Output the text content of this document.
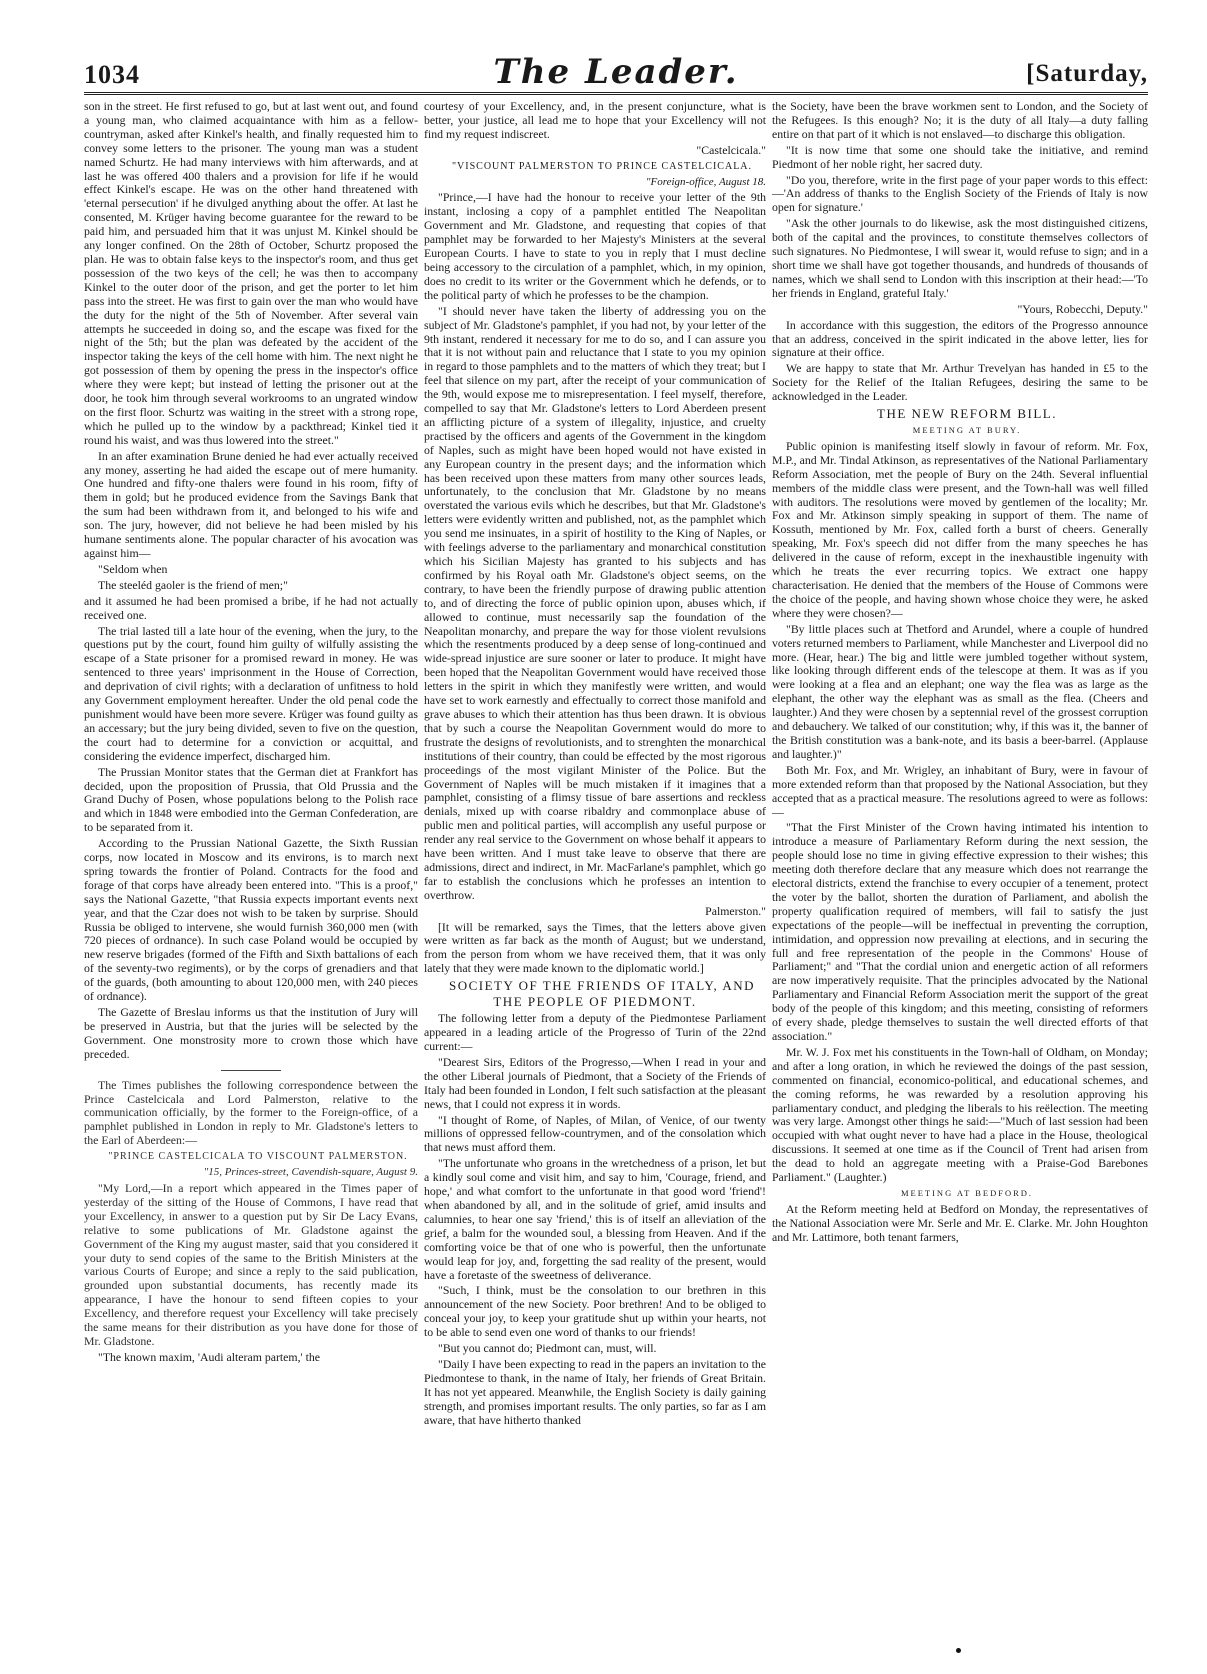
1034	The Leader.	[Saturday,

son in the street. He first refused to go, but at last went out, and found a young man, who claimed acquaintance with him as a fellow-countryman, asked after Kinkel's health, and finally requested him to convey some letters to the prisoner. The young man was a student named Schurtz. He had many interviews with him afterwards, and at last he was offered 400 thalers and a provision for life if he would effect Kinkel's escape. He was on the other hand threatened with 'eternal persecution' if he divulged anything about the offer. At last he consented, M. Krüger having become guarantee for the reward to be paid him, and persuaded him that it was unjust M. Kinkel should be any longer confined. On the 28th of October, Schurtz proposed the plan. He was to obtain false keys to the inspector's room, and thus get possession of the two keys of the cell; he was then to accompany Kinkel to the outer door of the prison, and get the porter to let him pass into the street. He was first to gain over the man who would have the duty for the night of the 5th of November. After several vain attempts he succeeded in doing so, and the escape was fixed for the night of the 5th; but the plan was defeated by the accident of the inspector taking the keys of the cell home with him. The next night he got possession of them by opening the press in the inspector's office where they were kept; but instead of letting the prisoner out at the door, he took him through several workrooms to an ungrated window on the first floor. Schurtz was waiting in the street with a strong rope, which he pulled up to the window by a packthread; Kinkel tied it round his waist, and was thus lowered into the street."

In an after examination Brune denied he had ever actually received any money, asserting he had aided the escape out of mere humanity. One hundred and fifty-one thalers were found in his room, fifty of them in gold; but he produced evidence from the Savings Bank that the sum had been withdrawn from it, and belonged to his wife and son. The jury, however, did not believe he had been misled by his humane sentiments alone. The popular character of his avocation was against him—

"Seldom when

The steeléd gaoler is the friend of men;"

and it assumed he had been promised a bribe, if he had not actually received one.

The trial lasted till a late hour of the evening, when the jury, to the questions put by the court, found him guilty of wilfully assisting the escape of a State prisoner for a promised reward in money. He was sentenced to three years' imprisonment in the House of Correction, and deprivation of civil rights; with a declaration of unfitness to hold any Government employment hereafter. Under the old penal code the punishment would have been more severe. Krüger was found guilty as an accessary; but the jury being divided, seven to five on the question, the court had to determine for a conviction or acquittal, and considering the evidence imperfect, discharged him.

The Prussian Monitor states that the German diet at Frankfort has decided, upon the proposition of Prussia, that Old Prussia and the Grand Duchy of Posen, whose populations belong to the Polish race and which in 1848 were embodied into the German Confederation, are to be separated from it.

According to the Prussian National Gazette, the Sixth Russian corps, now located in Moscow and its environs, is to march next spring towards the frontier of Poland. Contracts for the food and forage of that corps have already been entered into. "This is a proof," says the National Gazette, "that Russia expects important events next year, and that the Czar does not wish to be taken by surprise. Should Russia be obliged to intervene, she would furnish 360,000 men (with 720 pieces of ordnance). In such case Poland would be occupied by new reserve brigades (formed of the Fifth and Sixth battalions of each of the seventy-two regiments), or by the corps of grenadiers and that of the guards, (both amounting to about 120,000 men, with 240 pieces of ordnance).

The Gazette of Breslau informs us that the institution of Jury will be preserved in Austria, but that the juries will be selected by the Government. One monstrosity more to crown those which have preceded.

The Times publishes the following correspondence between the Prince Castelcicala and Lord Palmerston, relative to the communication officially, by the former to the Foreign-office, of a pamphlet published in London in reply to Mr. Gladstone's letters to the Earl of Aberdeen:—

"PRINCE CASTELCICALA TO VISCOUNT PALMERSTON.

"15, Princes-street, Cavendish-square, August 9.

"My Lord,—In a report which appeared in the Times paper of yesterday of the sitting of the House of Commons, I have read that your Excellency, in answer to a question put by Sir De Lacy Evans, relative to some publications of Mr. Gladstone against the Government of the King my august master, said that you considered it your duty to send copies of the same to the British Ministers at the various Courts of Europe; and since a reply to the said publication, grounded upon substantial documents, has recently made its appearance, I have the honour to send fifteen copies to your Excellency, and therefore request your Excellency will take precisely the same means for their distribution as you have done for those of Mr. Gladstone.

"The known maxim, 'Audi alteram partem,' the

courtesy of your Excellency, and, in the present conjuncture, what is better, your justice, all lead me to hope that your Excellency will not find my request indiscreet.

"Castelcicala."

"VISCOUNT PALMERSTON TO PRINCE CASTELCICALA.

"Foreign-office, August 18.

"Prince,—I have had the honour to receive your letter of the 9th instant, inclosing a copy of a pamphlet entitled The Neapolitan Government and Mr. Gladstone, and requesting that copies of that pamphlet may be forwarded to her Majesty's Ministers at the several European Courts. I have to state to you in reply that I must decline being accessory to the circulation of a pamphlet, which, in my opinion, does no credit to its writer or the Government which he defends, or to the political party of which he professes to be the champion.

"I should never have taken the liberty of addressing you on the subject of Mr. Gladstone's pamphlet, if you had not, by your letter of the 9th instant, rendered it necessary for me to do so, and I can assure you that it is not without pain and reluctance that I state to you my opinion in regard to those pamphlets and to the matters of which they treat; but I feel that silence on my part, after the receipt of your communication of the 9th, would expose me to misrepresentation. I feel myself, therefore, compelled to say that Mr. Gladstone's letters to Lord Aberdeen present an afflicting picture of a system of illegality, injustice, and cruelty practised by the officers and agents of the Government in the kingdom of Naples, such as might have been hoped would not have existed in any European country in the present days; and the information which has been received upon these matters from many other sources leads, unfortunately, to the conclusion that Mr. Gladstone by no means overstated the various evils which he describes, but that Mr. Gladstone's letters were evidently written and published, not, as the pamphlet which you send me insinuates, in a spirit of hostility to the King of Naples, or with feelings adverse to the parliamentary and monarchical constitution which his Sicilian Majesty has granted to his subjects and has confirmed by his Royal oath Mr. Gladstone's object seems, on the contrary, to have been the friendly purpose of drawing public attention to, and of directing the force of public opinion upon, abuses which, if allowed to continue, must necessarily sap the foundation of the Neapolitan monarchy, and prepare the way for those violent revulsions which the resentments produced by a deep sense of long-continued and wide-spread injustice are sure sooner or later to produce. It might have been hoped that the Neapolitan Government would have received those letters in the spirit in which they manifestly were written, and would have set to work earnestly and effectually to correct those manifold and grave abuses to which their attention has thus been drawn. It is obvious that by such a course the Neapolitan Government would do more to frustrate the designs of revolutionists, and to strenghten the monarchical institutions of their country, than could be effected by the most rigorous proceedings of the most vigilant Minister of the Police. But the Government of Naples will be much mistaken if it imagines that a pamphlet, consisting of a flimsy tissue of bare assertions and reckless denials, mixed up with coarse ribaldry and commonplace abuse of public men and political parties, will accomplish any useful purpose or render any real service to the Government on whose behalf it appears to have been written. And I must take leave to observe that there are admissions, direct and indirect, in Mr. MacFarlane's pamphlet, which go far to establish the conclusions which he professes an intention to overthrow.

Palmerston."

[It will be remarked, says the Times, that the letters above given were written as far back as the month of August; but we understand, from the person from whom we have received them, that it was only lately that they were made known to the diplomatic world.]

SOCIETY OF THE FRIENDS OF ITALY, AND THE PEOPLE OF PIEDMONT.

The following letter from a deputy of the Piedmontese Parliament appeared in a leading article of the Progresso of Turin of the 22nd current:—

"Dearest Sirs, Editors of the Progresso,—When I read in your and the other Liberal journals of Piedmont, that a Society of the Friends of Italy had been founded in London, I felt such satisfaction at the pleasant news, that I could not express it in words.

"I thought of Rome, of Naples, of Milan, of Venice, of our twenty millions of oppressed fellow-countrymen, and of the consolation which that news must afford them.

"The unfortunate who groans in the wretchedness of a prison, let but a kindly soul come and visit him, and say to him, 'Courage, friend, and hope,' and what comfort to the unfortunate in that good word 'friend'! when abandoned by all, and in the solitude of grief, amid insults and calumnies, to hear one say 'friend,' this is of itself an alleviation of the grief, a balm for the wounded soul, a blessing from Heaven. And if the comforting voice be that of one who is powerful, then the unfortunate would leap for joy, and, forgetting the sad reality of the present, would have a foretaste of the sweetness of deliverance.

"Such, I think, must be the consolation to our brethren in this announcement of the new Society. Poor brethren! And to be obliged to conceal your joy, to keep your gratitude shut up within your hearts, not to be able to send even one word of thanks to our friends!

"But you cannot do; Piedmont can, must, will.

"Daily I have been expecting to read in the papers an invitation to the Piedmontese to thank, in the name of Italy, her friends of Great Britain. It has not yet appeared. Meanwhile, the English Society is daily gaining strength, and promises important results. The only parties, so far as I am aware, that have hitherto thanked

the Society, have been the brave workmen sent to London, and the Society of the Refugees. Is this enough? No; it is the duty of all Italy—a duty falling entire on that part of it which is not enslaved—to discharge this obligation.

"It is now time that some one should take the initiative, and remind Piedmont of her noble right, her sacred duty.

"Do you, therefore, write in the first page of your paper words to this effect:—'An address of thanks to the English Society of the Friends of Italy is now open for signature.'

"Ask the other journals to do likewise, ask the most distinguished citizens, both of the capital and the provinces, to constitute themselves collectors of such signatures. No Piedmontese, I will swear it, would refuse to sign; and in a short time we shall have got together thousands, and hundreds of thousands of names, which we shall send to London with this inscription at their head:—'To her friends in England, grateful Italy.'

"Yours, Robecchi, Deputy."

In accordance with this suggestion, the editors of the Progresso announce that an address, conceived in the spirit indicated in the above letter, lies for signature at their office.

We are happy to state that Mr. Arthur Trevelyan has handed in £5 to the Society for the Relief of the Italian Refugees, desiring the same to be acknowledged in the Leader.

THE NEW REFORM BILL.

MEETING AT BURY.

Public opinion is manifesting itself slowly in favour of reform. Mr. Fox, M.P., and Mr. Tindal Atkinson, as representatives of the National Parliamentary Reform Association, met the people of Bury on the 24th. Several influential members of the middle class were present, and the Town-hall was well filled with auditors. The resolutions were moved by gentlemen of the locality; Mr. Fox and Mr. Atkinson simply speaking in support of them. The name of Kossuth, mentioned by Mr. Fox, called forth a burst of cheers. Generally speaking, Mr. Fox's speech did not differ from the many speeches he has delivered in the cause of reform, except in the inexhaustible ingenuity with which he treats the ever recurring topics. We extract one happy characterisation. He denied that the members of the House of Commons were the choice of the people, and having shown whose choice they were, he asked where they were chosen?—

"By little places such at Thetford and Arundel, where a couple of hundred voters returned members to Parliament, while Manchester and Liverpool did no more. (Hear, hear.) The big and little were jumbled together without system, like looking through different ends of the telescope at them. It was as if you were looking at a flea and an elephant; one way the flea was as large as the elephant, the other way the elephant was as small as the flea. (Cheers and laughter.) And they were chosen by a septennial revel of the grossest corruption and debauchery. We talked of our constitution; why, if this was it, the banner of the British constitution was a bank-note, and its basis a beer-barrel. (Applause and laughter.)"

Both Mr. Fox, and Mr. Wrigley, an inhabitant of Bury, were in favour of more extended reform than that proposed by the National Association, but they accepted that as a practical measure. The resolutions agreed to were as follows:—

"That the First Minister of the Crown having intimated his intention to introduce a measure of Parliamentary Reform during the next session, the people should lose no time in giving effective expression to their wishes; this meeting doth therefore declare that any measure which does not rearrange the electoral districts, extend the franchise to every occupier of a tenement, protect the voter by the ballot, shorten the duration of Parliament, and abolish the property qualification required of members, will fail to satisfy the just expectations of the people—will be ineffectual in preventing the corruption, intimidation, and oppression now prevailing at elections, and in securing the full and free representation of the people in the Commons' House of Parliament;" and "That the cordial union and energetic action of all reformers are now imperatively requisite. That the principles advocated by the National Parliamentary and Financial Reform Association merit the support of the great body of the people of this kingdom; and this meeting, consisting of reformers of every shade, pledge themselves to sustain the well directed efforts of that association."

Mr. W. J. Fox met his constituents in the Town-hall of Oldham, on Monday; and after a long oration, in which he reviewed the doings of the past session, commented on financial, economico-political, and educational schemes, and the coming reforms, he was rewarded by a resolution approving his parliamentary conduct, and pledging the liberals to his reëlection. The meeting was very large. Amongst other things he said:—"Much of last session had been occupied with what ought never to have had a place in the House, theological discussions. It seemed at one time as if the Council of Trent had arisen from the dead to hold an aggregate meeting with a Praise-God Barebones Parliament." (Laughter.)

MEETING AT BEDFORD.

At the Reform meeting held at Bedford on Monday, the representatives of the National Association were Mr. Serle and Mr. E. Clarke. Mr. John Houghton and Mr. Lattimore, both tenant farmers,
